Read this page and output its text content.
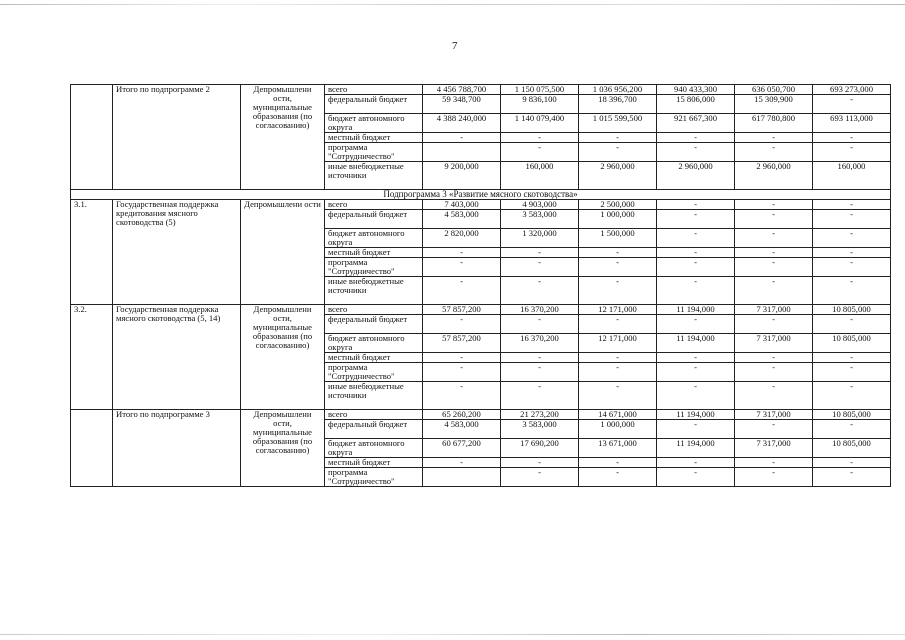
7
	Итого по подпрограмме 2	Депромышлени ости, муниципальные образования (по согласованию)	всего	4 456 788,700	1 150 075,500	1 036 956,200	940 433,300	636 050,700	693 273,000
			федеральный бюджет	59 348,700	9 836,100	18 396,700	15 806,000	15 309,900	-
			бюджет автономного округа	4 388 240,000	1 140 079,400	1 015 599,500	921 667,300	617 780,800	693 113,000
			местный бюджет	-	-	-	-	-	-
			программа "Сотрудничество"		-	-	-	-	-
			иные внебюджетные источники	9 200,000	160,000	2 960,000	2 960,000	2 960,000	160,000
Подпрограмма 3 «Развитие мясного скотоводства»									
3.1.	Государственная поддержка кредитования мясного скотоводства (5)	Депромышлени ости	всего	7 403,000	4 903,000	2 500,000	-	-	-
			федеральный бюджет	4 583,000	3 583,000	1 000,000	-	-	-
			бюджет автономного округа	2 820,000	1 320,000	1 500,000	-	-	-
			местный бюджет	-	-	-	-	-	-
			программа "Сотрудничество"	-	-	-	-	-	-
			иные внебюджетные источники	-	-	-	-	-	-
3.2.	Государственная поддержка мясного скотоводства (5, 14)	Депромышлени ости, муниципальные образования (по согласованию)	всего	57 857,200	16 370,200	12 171,000	11 194,000	7 317,000	10 805,000
			федеральный бюджет	-	-	-	-	-	-
			бюджет автономного округа	57 857,200	16 370,200	12 171,000	11 194,000	7 317,000	10 805,000
			местный бюджет	-	-	-	-	-	-
			программа "Сотрудничество"	-	-	-	-	-	-
			иные внебюджетные источники	-	-	-	-	-	-
	Итого по подпрограмме 3	Депромышлени ости, муниципальные образования (по согласованию)	всего	65 260,200	21 273,200	14 671,000	11 194,000	7 317,000	10 805,000
			федеральный бюджет	4 583,000	3 583,000	1 000,000	-	-	-
			бюджет автономного округа	60 677,200	17 690,200	13 671,000	11 194,000	7 317,000	10 805,000
			местный бюджет	-	-	-	-	-	-
			программа "Сотрудничество"		-	-	-	-	-
